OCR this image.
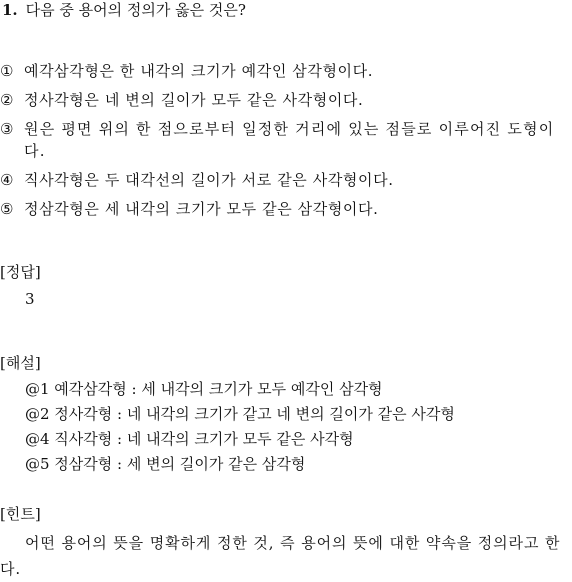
1. 다음 중 용어의 정의가 옳은 것은?
① 예각삼각형은 한 내각의 크기가 예각인 삼각형이다.
② 정사각형은 네 변의 길이가 모두 같은 사각형이다.
③ 원은 평면 위의 한 점으로부터 일정한 거리에 있는 점들로 이루어진 도형이다.
④ 직사각형은 두 대각선의 길이가 서로 같은 사각형이다.
⑤ 정삼각형은 세 내각의 크기가 모두 같은 삼각형이다.
[정답]
3
[해설]
@1 예각삼각형 : 세 내각의 크기가 모두 예각인 삼각형
@2 정사각형 : 네 내각의 크기가 같고 네 변의 길이가 같은 사각형
@4 직사각형 : 네 내각의 크기가 모두 같은 사각형
@5 정삼각형 : 세 변의 길이가 같은 삼각형
[힌트]
어떤 용어의 뜻을 명확하게 정한 것, 즉 용어의 뜻에 대한 약속을 정의라고 한다.
